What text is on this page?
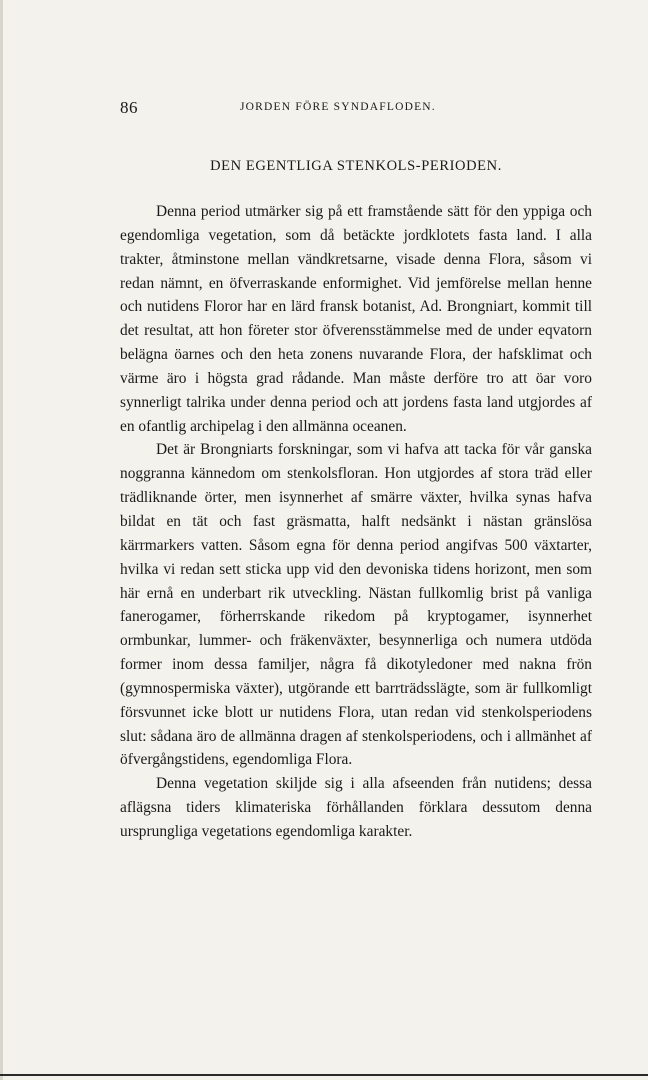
86	JORDEN FÖRE SYNDAFLODEN.
DEN EGENTLIGA STENKOLS-PERIODEN.

Denna period utmärker sig på ett framstående sätt för den yppiga och egendomliga vegetation, som då betäckte jordklotets fasta land. I alla trakter, åtminstone mellan vändkretsarne, visade denna Flora, såsom vi redan nämnt, en öfverraskande enformighet. Vid jemförelse mellan henne och nutidens Floror har en lärd fransk botanist, Ad. Brongniart, kommit till det resultat, att hon företer stor öfverensstämmelse med de under eqvatorn belägna öarnes och den heta zonens nuvarande Flora, der hafsklimat och värme äro i högsta grad rådande. Man måste derföre tro att öar voro synnerligt talrika under denna period och att jordens fasta land utgjordes af en ofantlig archipelag i den allmänna oceanen.

Det är Brongniarts forskningar, som vi hafva att tacka för vår ganska noggranna kännedom om stenkolsfloran. Hon utgjordes af stora träd eller trädliknande örter, men isynnerhet af smärre växter, hvilka synas hafva bildat en tät och fast gräsmatta, halft nedsänkt i nästan gränslösa kärrmarkers vatten. Såsom egna för denna period angifvas 500 växtarter, hvilka vi redan sett sticka upp vid den devoniska tidens horizont, men som här ernå en underbart rik utveckling. Nästan fullkomlig brist på vanliga fanerogamer, förherrskande rikedom på kryptogamer, isynnerhet ormbunkar, lummer- och fräkenväxter, besynnerliga och numera utdöda former inom dessa familjer, några få dikotyledoner med nakna frön (gymnospermiska växter), utgörande ett barrträdsslägte, som är fullkomligt försvunnet icke blott ur nutidens Flora, utan redan vid stenkolsperiodens slut: sådana äro de allmänna dragen af stenkolsperiodens, och i allmänhet af öfvergångstidens, egendomliga Flora.

Denna vegetation skiljde sig i alla afseenden från nutidens; dessa aflägsna tiders klimateriska förhållanden förklara dessutom denna ursprungliga vegetations egendomliga karakter.
